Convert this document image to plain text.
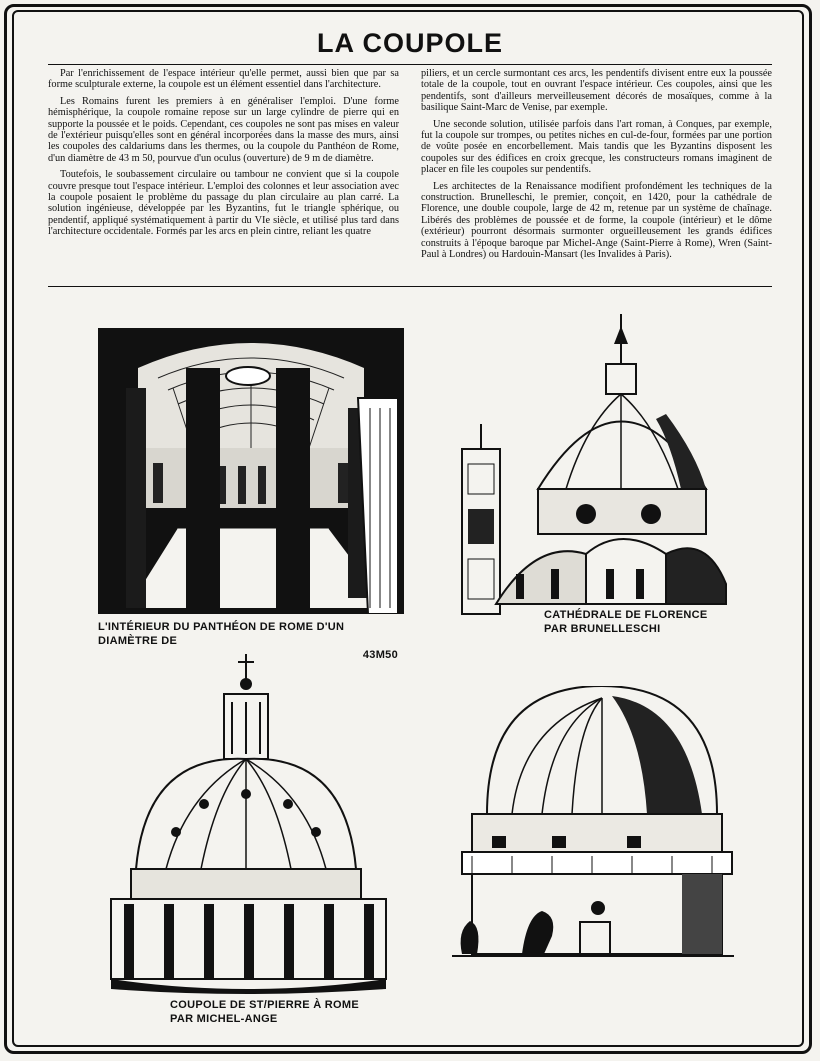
LA COUPOLE

Par l'enrichissement de l'espace intérieur qu'elle permet, aussi bien que par sa forme sculpturale externe, la coupole est un élément essentiel dans l'architecture.

Les Romains furent les premiers à en généraliser l'emploi. D'une forme hémisphérique, la coupole romaine repose sur un large cylindre de pierre qui en supporte la poussée et le poids. Cependant, ces coupoles ne sont pas mises en valeur de l'extérieur puisqu'elles sont en général incorporées dans la masse des murs, ainsi les coupoles des caldariums dans les thermes, ou la coupole du Panthéon de Rome, d'un diamètre de 43 m 50, pourvue d'un oculus (ouverture) de 9 m de diamètre.

Toutefois, le soubassement circulaire ou tambour ne convient que si la coupole couvre presque tout l'espace intérieur. L'emploi des colonnes et leur association avec la coupole posaient le problème du passage du plan circulaire au plan carré. La solution ingénieuse, développée par les Byzantins, fut le triangle sphérique, ou pendentif, appliqué systématiquement à partir du VIe siècle, et utilisé plus tard dans l'architecture occidentale. Formés par les arcs en plein cintre, reliant les quatre

piliers, et un cercle surmontant ces arcs, les pendentifs divisent entre eux la poussée totale de la coupole, tout en ouvrant l'espace intérieur. Ces coupoles, ainsi que les pendentifs, sont d'ailleurs merveilleusement décorés de mosaïques, comme à la basilique Saint-Marc de Venise, par exemple.

Une seconde solution, utilisée parfois dans l'art roman, à Conques, par exemple, fut la coupole sur trompes, ou petites niches en cul-de-four, formées par une portion de voûte posée en encorbellement. Mais tandis que les Byzantins disposent les coupoles sur des édifices en croix grecque, les constructeurs romans imaginent de placer en file les coupoles sur pendentifs.

Les architectes de la Renaissance modifient profondément les techniques de la construction. Brunelleschi, le premier, conçoit, en 1420, pour la cathédrale de Florence, une double coupole, large de 42 m, retenue par un système de chaînage. Libérés des problèmes de poussée et de forme, la coupole (intérieur) et le dôme (extérieur) pourront désormais surmonter orgueilleusement les grands édifices construits à l'époque baroque par Michel-Ange (Saint-Pierre à Rome), Wren (Saint-Paul à Londres) ou Hardouin-Mansart (les Invalides à Paris).

L'INTÉRIEUR DU PANTHÉON DE ROME D'UN DIAMÈTRE DE
43M50
CATHÉDRALE DE FLORENCE
PAR BRUNELLESCHI
COUPOLE DE ST/PIERRE À ROME
PAR MICHEL-ANGE
